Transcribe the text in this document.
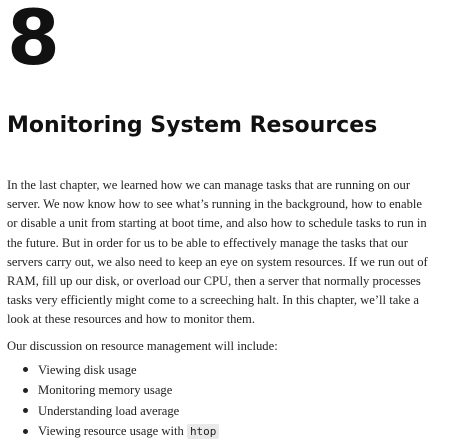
8
Monitoring System Resources

In the last chapter, we learned how we can manage tasks that are running on our
server. We now know how to see what’s running in the background, how to enable
or disable a unit from starting at boot time, and also how to schedule tasks to run in
the future. But in order for us to be able to effectively manage the tasks that our
servers carry out, we also need to keep an eye on system resources. If we run out of
RAM, fill up our disk, or overload our CPU, then a server that normally processes
tasks very efficiently might come to a screeching halt. In this chapter, we’ll take a
look at these resources and how to monitor them.

Our discussion on resource management will include:

Viewing disk usage
Monitoring memory usage
Understanding load average
Viewing resource usage with htop
